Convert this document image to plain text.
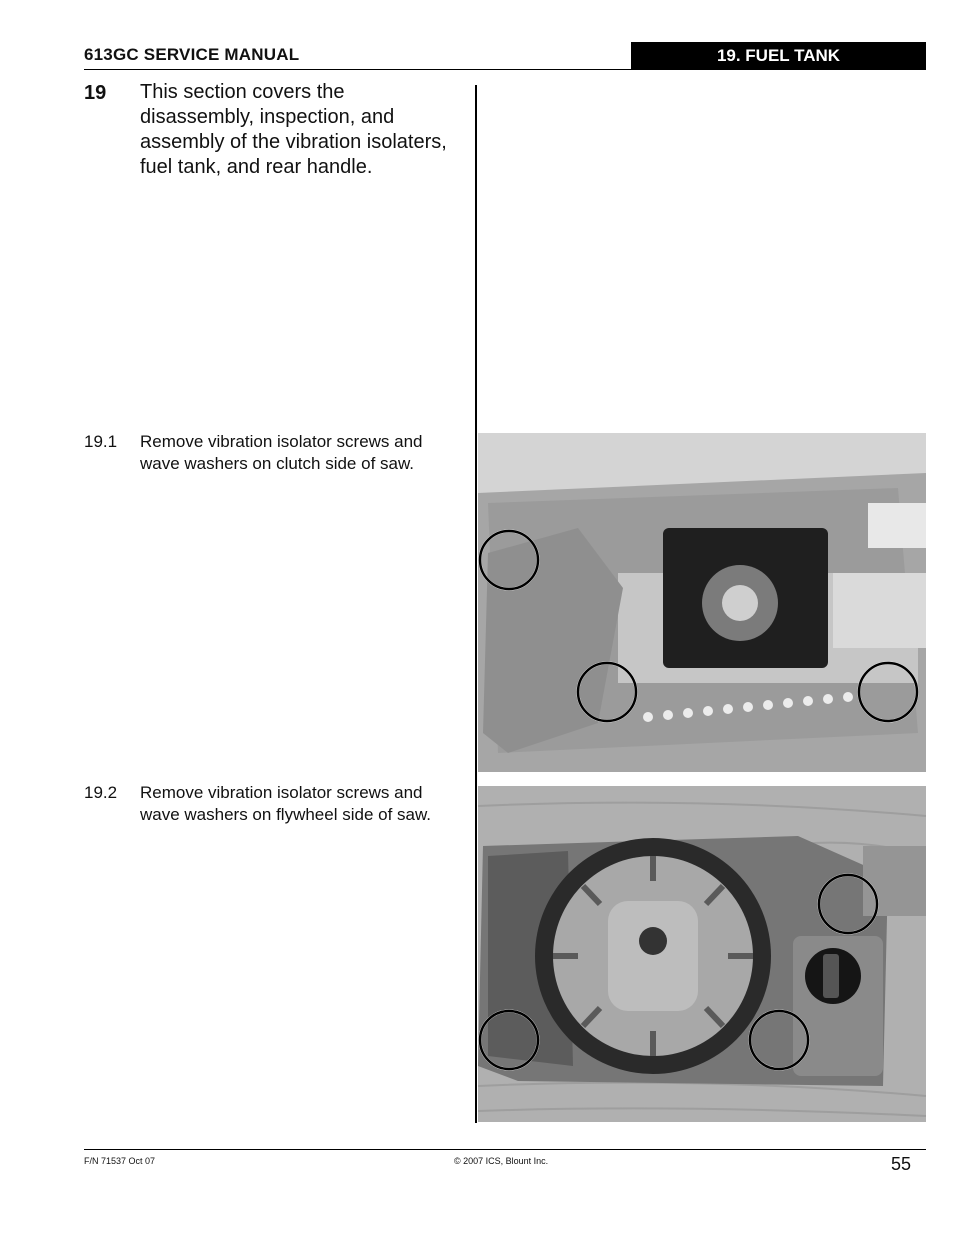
613GC SERVICE MANUAL	19. FUEL TANK
19 This section covers the disassembly, inspection, and assembly of the vibration isolaters, fuel tank, and rear handle.
19.1 Remove vibration isolator screws and wave washers on clutch side of saw.
19.2 Remove vibration isolator screws and wave washers on flywheel side of saw.
F/N 71537 Oct 07	© 2007 ICS, Blount Inc.	55
